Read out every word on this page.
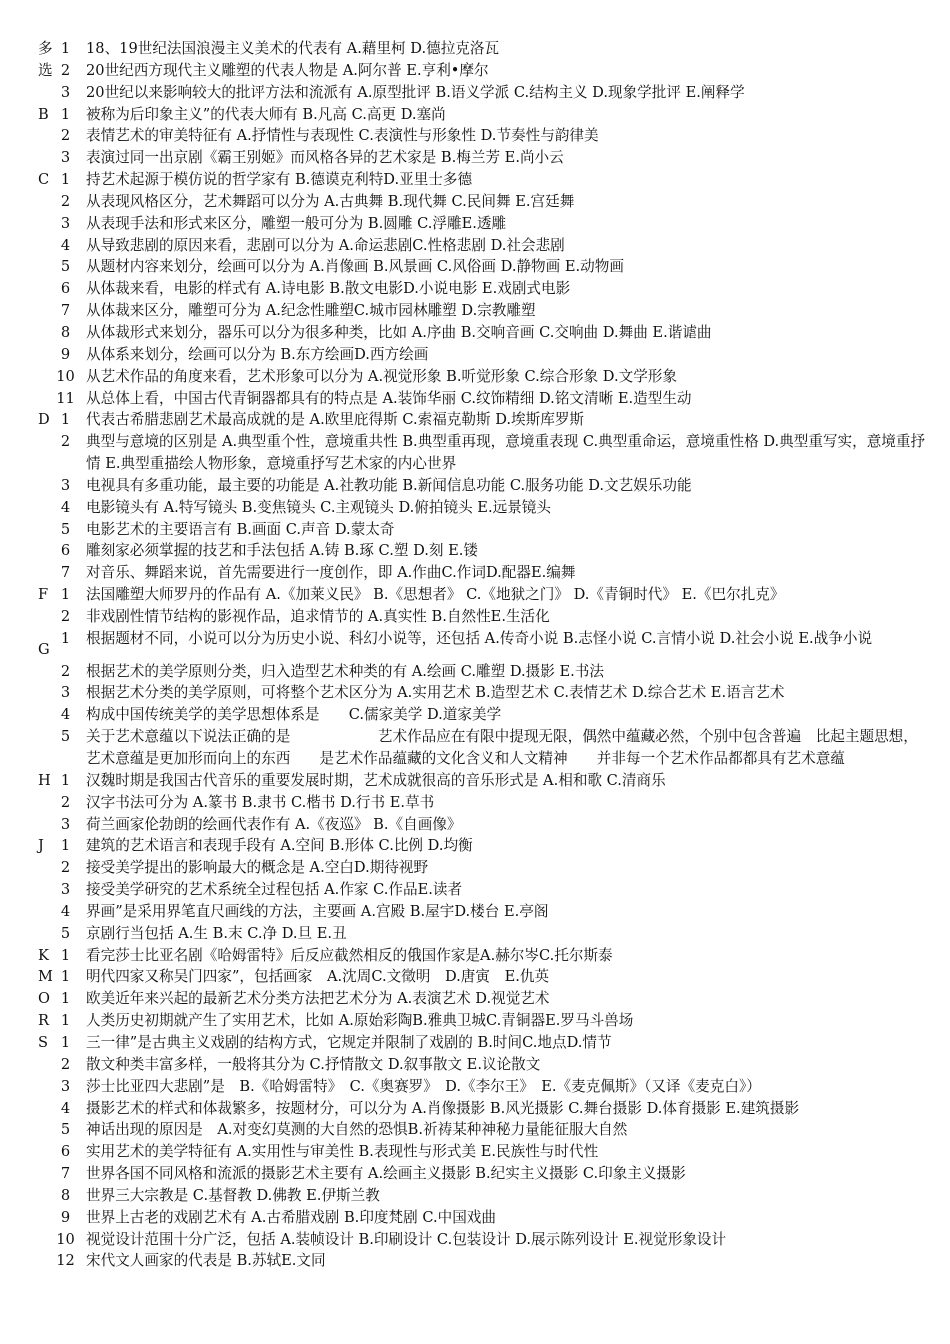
多 1	18、19世纪法国浪漫主义美术的代表有 A.藉里柯 D.德拉克洛瓦
选 2	20世纪西方现代主义雕塑的代表人物是 A.阿尔普 E.亨利•摩尔
3	20世纪以来影响较大的批评方法和流派有 A.原型批评 B.语义学派 C.结构主义 D.现象学批评 E.阐释学
B 1	被称为后印象主义”的代表大师有 B.凡高 C.高更 D.塞尚
2	表情艺术的审美特征有 A.抒情性与表现性 C.表演性与形象性 D.节奏性与韵律美
3	表演过同一出京剧《霸王别姬》而风格各异的艺术家是 B.梅兰芳 E.尚小云
C 1	持艺术起源于模仿说的哲学家有 B.德谟克利特D.亚里士多德
2	从表现风格区分，艺术舞蹈可以分为 A.古典舞 B.现代舞 C.民间舞 E.宫廷舞
3	从表现手法和形式来区分，雕塑一般可分为 B.圆雕 C.浮雕E.透雕
4	从导致悲剧的原因来看，悲剧可以分为 A.命运悲剧C.性格悲剧 D.社会悲剧
5	从题材内容来划分，绘画可以分为 A.肖像画 B.风景画 C.风俗画 D.静物画 E.动物画
6	从体裁来看，电影的样式有 A.诗电影 B.散文电影D.小说电影 E.戏剧式电影
7	从体裁来区分，雕塑可分为 A.纪念性雕塑C.城市园林雕塑 D.宗教雕塑
8	从体裁形式来划分，器乐可以分为很多种类，比如 A.序曲 B.交响音画 C.交响曲 D.舞曲 E.谐谑曲
9	从体系来划分，绘画可以分为 B.东方绘画D.西方绘画
10 从艺术作品的角度来看，艺术形象可以分为 A.视觉形象 B.听觉形象 C.综合形象 D.文学形象
11 从总体上看，中国古代青铜器都具有的特点是 A.装饰华丽 C.纹饰精细 D.铭文清晰 E.造型生动
D 1	代表古希腊悲剧艺术最高成就的是 A.欧里庇得斯 C.索福克勒斯 D.埃斯库罗斯
2	典型与意境的区别是 A.典型重个性，意境重共性 B.典型重再现，意境重表现 C.典型重命运，意境重性格 D.典型重写实，意境重抒情 E.典型重描绘人物形象，意境重抒写艺术家的内心世界
3	电视具有多重功能，最主要的功能是 A.社教功能 B.新闻信息功能 C.服务功能 D.文艺娱乐功能
4	电影镜头有 A.特写镜头 B.变焦镜头 C.主观镜头 D.俯拍镜头 E.远景镜头
5	电影艺术的主要语言有 B.画面 C.声音 D.蒙太奇
6	雕刻家必须掌握的技艺和手法包括 A.铸 B.琢 C.塑 D.刻 E.镂
7	对音乐、舞蹈来说，首先需要进行一度创作，即 A.作曲C.作词D.配器E.编舞
F 1	法国雕塑大师罗丹的作品有 A.《加莱义民》 B.《思想者》 C.《地狱之门》 D.《青铜时代》 E.《巴尔扎克》
2	非戏剧性情节结构的影视作品，追求情节的 A.真实性 B.自然性E.生活化
G
1	根据题材不同，小说可以分为历史小说、科幻小说等，还包括 A.传奇小说 B.志怪小说 C.言情小说 D.社会小说 E.战争小说
2	根据艺术的美学原则分类，归入造型艺术种类的有 A.绘画 C.雕塑 D.摄影 E.书法
3	根据艺术分类的美学原则，可将整个艺术区分为 A.实用艺术 B.造型艺术 C.表情艺术 D.综合艺术 E.语言艺术
4	构成中国传统美学的美学思想体系是　　C.儒家美学 D.道家美学
5	关于艺术意蕴以下说法正确的是　　　　　　艺术作品应在有限中提现无限，偶然中蕴藏必然，个别中包含普遍　比起主题思想，艺术意蕴是更加形而向上的东西　　是艺术作品蕴藏的文化含义和人文精神　　并非每一个艺术作品都都具有艺术意蕴
H 1	汉魏时期是我国古代音乐的重要发展时期，艺术成就很高的音乐形式是 A.相和歌 C.清商乐
2	汉字书法可分为 A.篆书 B.隶书 C.楷书 D.行书 E.草书
3	荷兰画家伦勃朗的绘画代表作有 A.《夜巡》 B.《自画像》
J	1	建筑的艺术语言和表现手段有 A.空间 B.形体 C.比例 D.均衡
2	接受美学提出的影响最大的概念是 A.空白D.期待视野
3	接受美学研究的艺术系统全过程包括 A.作家 C.作品E.读者
4	界画”是采用界笔直尺画线的方法，主要画 A.宫殿 B.屋宇D.楼台 E.亭阁
5	京剧行当包括 A.生 B.末 C.净 D.旦 E.丑
K 1	看完莎士比亚名剧《哈姆雷特》后反应截然相反的俄国作家是A.赫尔岑C.托尔斯泰
M 1	明代四家又称吴门四家”，包括画家　A.沈周C.文徵明　D.唐寅　E.仇英
O 1	欧美近年来兴起的最新艺术分类方法把艺术分为 A.表演艺术 D.视觉艺术
R 1	人类历史初期就产生了实用艺术，比如 A.原始彩陶B.雅典卫城C.青铜器E.罗马斗兽场
S 1	三一律”是古典主义戏剧的结构方式，它规定并限制了戏剧的 B.时间C.地点D.情节
2	散文种类丰富多样，一般将其分为 C.抒情散文 D.叙事散文 E.议论散文
3	莎士比亚四大悲剧”是　B.《哈姆雷特》　C.《奥赛罗》　D.《李尔王》　E.《麦克佩斯》（又译《麦克白》）
4	摄影艺术的样式和体裁繁多，按题材分，可以分为 A.肖像摄影 B.风光摄影 C.舞台摄影 D.体育摄影 E.建筑摄影
5	神话出现的原因是　A.对变幻莫测的大自然的恐惧B.祈祷某种神秘力量能征服大自然
6	实用艺术的美学特征有 A.实用性与审美性 B.表现性与形式美 E.民族性与时代性
7	世界各国不同风格和流派的摄影艺术主要有 A.绘画主义摄影 B.纪实主义摄影 C.印象主义摄影
8	世界三大宗教是 C.基督教 D.佛教 E.伊斯兰教
9	世界上古老的戏剧艺术有 A.古希腊戏剧 B.印度梵剧 C.中国戏曲
10 视觉设计范围十分广泛，包括 A.装帧设计 B.印刷设计 C.包装设计 D.展示陈列设计 E.视觉形象设计
12 宋代文人画家的代表是 B.苏轼E.文同
